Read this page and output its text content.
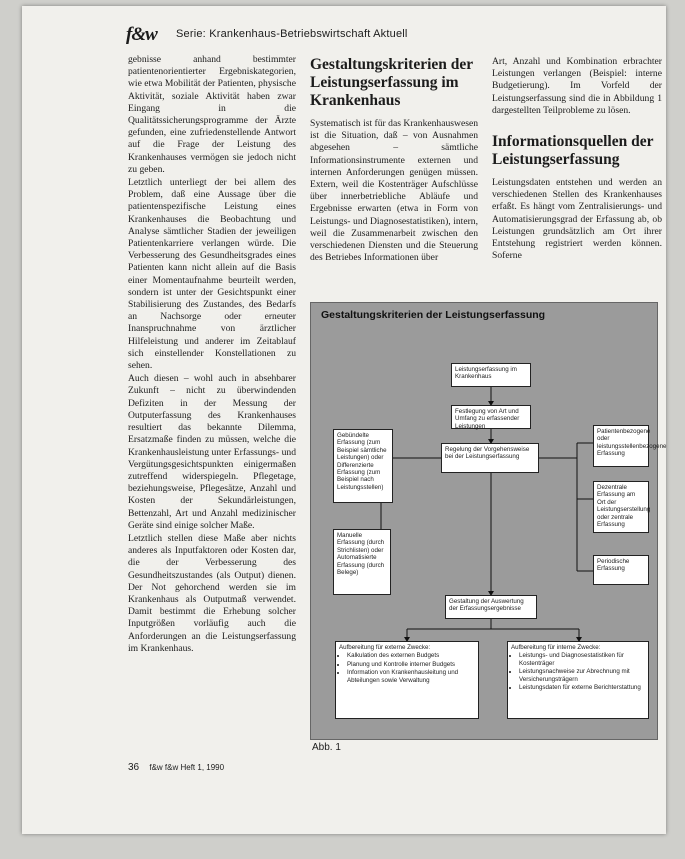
f&w Serie: Krankenhaus-Betriebswirtschaft Aktuell

gebnisse anhand bestimmter patientenorientierter Ergebniskategorien, wie etwa Mobilität der Patienten, physische Aktivität, soziale Aktivität haben zwar Eingang in die Qualitätssicherungsprogramme der Ärzte gefunden, eine zufriedenstellende Antwort auf die Frage der Leistung des Krankenhauses vermögen sie jedoch nicht zu geben.

Letztlich unterliegt der bei allem des Problem, daß eine Aussage über die patientenspezifische Leistung eines Krankenhauses die Beobachtung und Analyse sämtlicher Stadien der jeweiligen Patientenkarriere verlangen würde. Die Verbesserung des Gesundheitsgrades eines Patienten kann nicht allein auf die Basis einer Momentaufnahme beurteilt werden, sondern ist unter der Gesichtspunkt einer Stabilisierung des Zustandes, des Bedarfs an Nachsorge oder erneuter Inanspruchnahme von ärztlicher Hilfeleistung und anderer im Zeitablauf sich einstellender Konstellationen zu sehen.

Auch diesen – wohl auch in absehbarer Zukunft – nicht zu überwindenden Defiziten in der Messung der Outputerfassung des Krankenhauses resultiert das bekannte Dilemma, Ersatzmaße finden zu müssen, welche die Krankenhausleistung unter Erfassungs- und Vergütungsgesichtspunkten einigermaßen zutreffend widerspiegeln. Pflegetage, beziehungsweise, Pflegesätze, Anzahl und Kosten der Sekundärleistungen, Bettenzahl, Art und Anzahl medizinischer Geräte sind einige solcher Maße.

Letztlich stellen diese Maße aber nichts anderes als Inputfaktoren oder Kosten dar, die der Verbesserung des Gesundheitszustandes (als Output) dienen. Der Not gehorchend werden sie im Krankenhaus als Outputmaß verwendet. Damit bestimmt die Erhebung solcher Inputgrößen vorläufig auch die Anforderungen an die Leistungserfassung im Krankenhaus.

Gestaltungskriterien der Leistungserfassung im Krankenhaus

Systematisch ist für das Krankenhauswesen ist die Situation, daß – von Ausnahmen abgesehen – sämtliche Informationsinstrumente externen und internen Anforderungen genügen müssen. Extern, weil die Kostenträger Aufschlüsse über innerbetriebliche Abläufe und Ergebnisse erwarten (etwa in Form von Leistungs- und Diagnosestatistiken), intern, weil die Zusammenarbeit zwischen den verschiedenen Diensten und die Steuerung des Betriebes Informationen über

Art, Anzahl und Kombination erbrachter Leistungen verlangen (Beispiel: interne Budgetierung). Im Vorfeld der Leistungserfassung sind die in Abbildung 1 dargestellten Teilprobleme zu lösen.

Informationsquellen der Leistungserfassung

Leistungsdaten entstehen und werden an verschiedenen Stellen des Krankenhauses erfaßt. Es hängt vom Zentralisierungs- und Automatisierungsgrad der Erfassung ab, ob Leistungen grundsätzlich am Ort ihrer Entstehung registriert werden können. Soferne

Gestaltungskriterien der Leistungserfassung
Leistungserfassung im Krankenhaus
Festlegung von Art und Umfang zu erfassender Leistungen
Regelung der Vorgehensweise bei der Leistungserfassung
Gebündelte Erfassung (zum Beispiel sämtliche Leistungen) oder Differenzierte Erfassung (zum Beispiel nach Leistungsstellen)
Manuelle Erfassung (durch Strichlisten) oder Automatisierte Erfassung (durch Belege)
Patientenbezogene oder leistungsstellenbezogene Erfassung
Dezentrale Erfassung am Ort der Leistungserstellung oder zentrale Erfassung
Periodische Erfassung
Gestaltung der Auswertung der Erfassungsergebnisse
Aufbereitung für externe Zwecke:
• Kalkulation des externen Budgets
• Planung und Kontrolle interner Budgets
• Information von Krankenhausleitung und Abteilungen sowie Verwaltung
Aufbereitung für interne Zwecke:
• Leistungs- und Diagnosestatistiken für Kostenträger
• Leistungsnachweise zur Abrechnung mit Versicherungsträgern
• Leistungsdaten für externe Berichterstattung
Abb. 1
36 f&w f&w Heft 1, 1990
